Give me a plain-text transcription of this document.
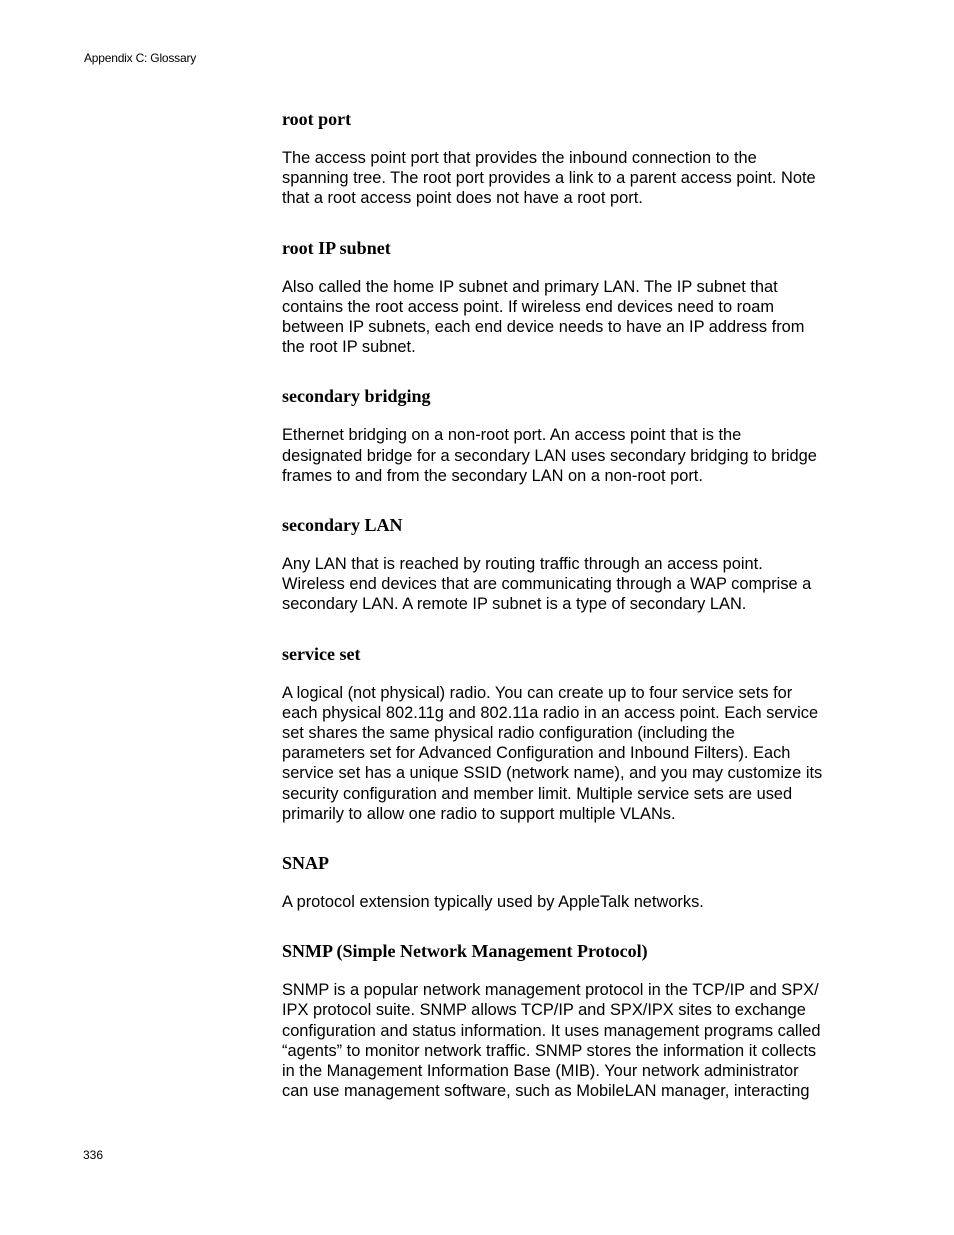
Appendix C: Glossary
root port
The access point port that provides the inbound connection to the
spanning tree. The root port provides a link to a parent access point. Note
that a root access point does not have a root port.
root IP subnet
Also called the home IP subnet and primary LAN. The IP subnet that
contains the root access point. If wireless end devices need to roam
between IP subnets, each end device needs to have an IP address from
the root IP subnet.
secondary bridging
Ethernet bridging on a non-root port. An access point that is the
designated bridge for a secondary LAN uses secondary bridging to bridge
frames to and from the secondary LAN on a non-root port.
secondary LAN
Any LAN that is reached by routing traffic through an access point.
Wireless end devices that are communicating through a WAP comprise a
secondary LAN. A remote IP subnet is a type of secondary LAN.
service set
A logical (not physical) radio. You can create up to four service sets for
each physical 802.11g and 802.11a radio in an access point. Each service
set shares the same physical radio configuration (including the
parameters set for Advanced Configuration and Inbound Filters). Each
service set has a unique SSID (network name), and you may customize its
security configuration and member limit. Multiple service sets are used
primarily to allow one radio to support multiple VLANs.
SNAP
A protocol extension typically used by AppleTalk networks.
SNMP (Simple Network Management Protocol)
SNMP is a popular network management protocol in the TCP/IP and SPX/
IPX protocol suite. SNMP allows TCP/IP and SPX/IPX sites to exchange
configuration and status information. It uses management programs called
“agents” to monitor network traffic. SNMP stores the information it collects
in the Management Information Base (MIB). Your network administrator
can use management software, such as MobileLAN manager, interacting
336
